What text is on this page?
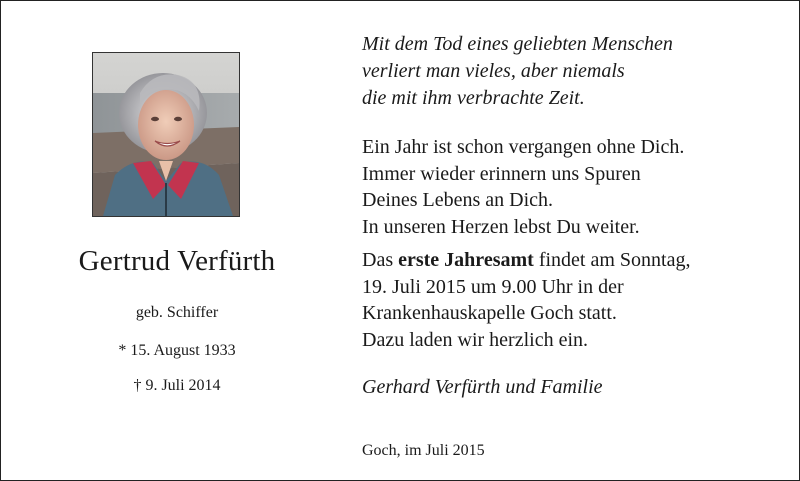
Gertrud Verfürth
geb. Schiffer
* 15. August 1933
† 9. Juli 2014
Mit dem Tod eines geliebten Menschen
verliert man vieles, aber niemals
die mit ihm verbrachte Zeit.
Ein Jahr ist schon vergangen ohne Dich.
Immer wieder erinnern uns Spuren
Deines Lebens an Dich.
In unseren Herzen lebst Du weiter.
Das erste Jahresamt findet am Sonntag,
19. Juli 2015 um 9.00 Uhr in der
Krankenhauskapelle Goch statt.
Dazu laden wir herzlich ein.
Gerhard Verfürth und Familie
Goch, im Juli 2015
